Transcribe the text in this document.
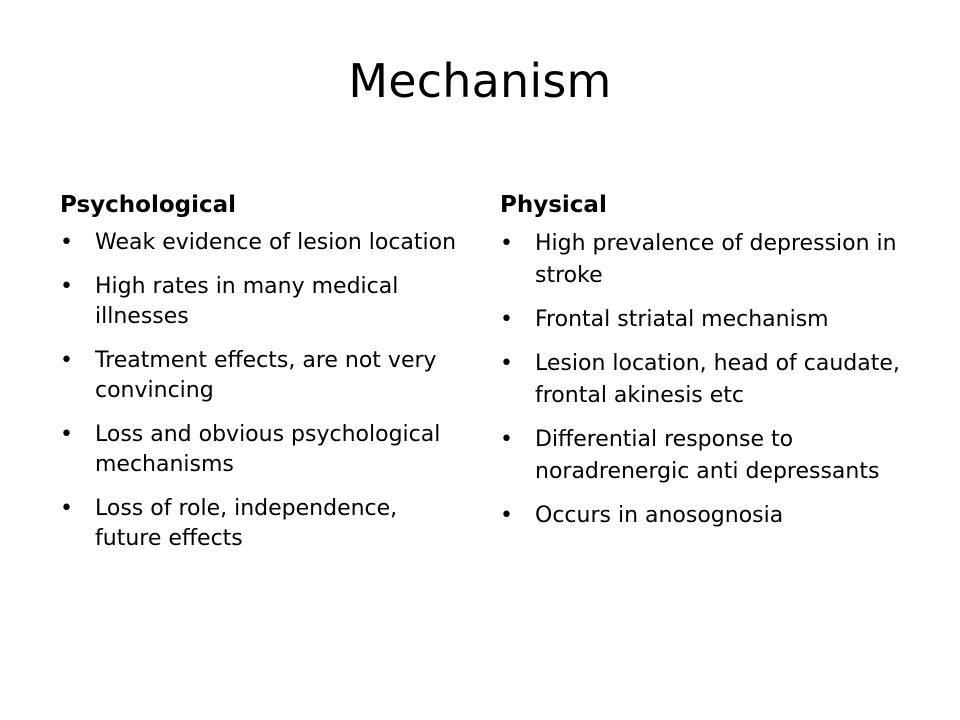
Mechanism
Psychological
•	Weak evidence of lesion location
•	High rates in many medical illnesses
•	Treatment effects, are not very convincing
•	Loss and obvious psychological mechanisms
•	Loss of role, independence, future effects
Physical
•	High prevalence of depression in stroke
•	Frontal striatal mechanism
•	Lesion location, head of caudate, frontal akinesis etc
•	Differential response to noradrenergic anti depressants
•	Occurs in anosognosia
